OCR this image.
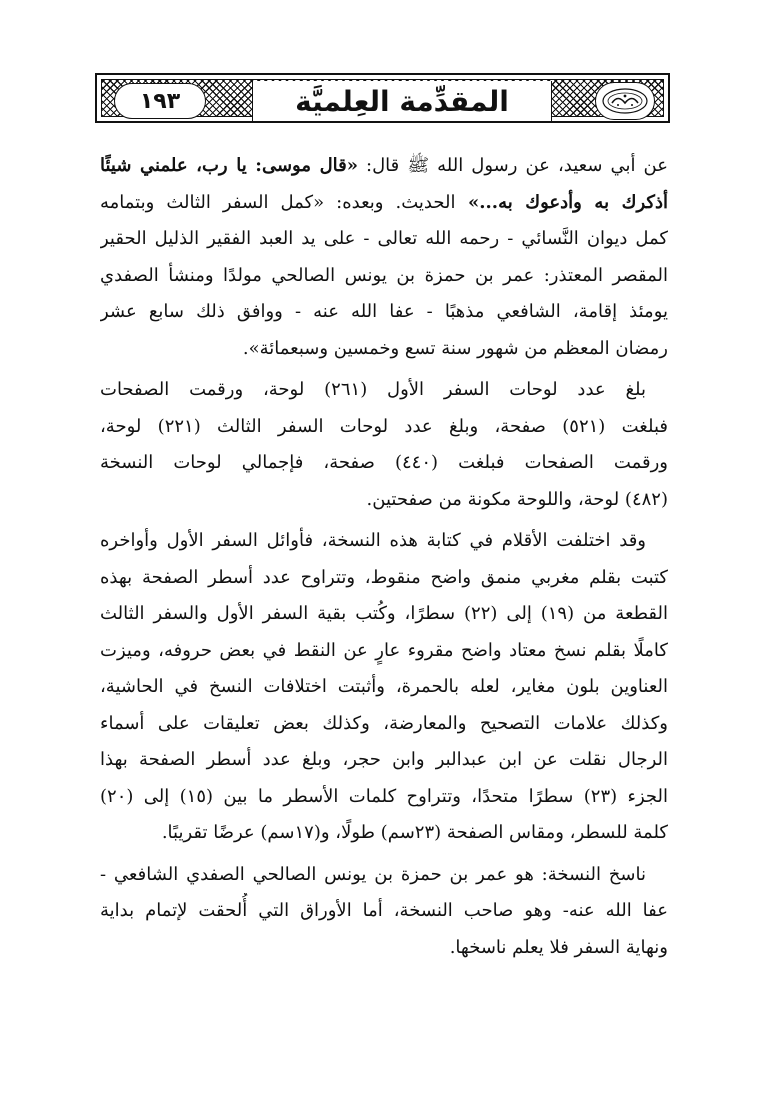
١٩٣	المقدِّمة العِلميَّة
عن أبي سعيد، عن رسول الله ﷺ قال: «قال موسى: يا رب، علمني شيئًا
أذكرك به وأدعوك به...» الحديث. وبعده: «كمل السفر الثالث وبتمامه
كمل ديوان النَّسائي - رحمه الله تعالى - على يد العبد الفقير الذليل الحقير
المقصر المعتذر: عمر بن حمزة بن يونس الصالحي مولدًا ومنشأ الصفدي
يومئذ إقامة، الشافعي مذهبًا - عفا الله عنه - ووافق ذلك سابع عشر
رمضان المعظم من شهور سنة تسع وخمسين وسبعمائة».
بلغ عدد لوحات السفر الأول (٢٦١) لوحة، ورقمت الصفحات
فبلغت (٥٢١) صفحة، وبلغ عدد لوحات السفر الثالث (٢٢١) لوحة،
ورقمت الصفحات فبلغت (٤٤٠) صفحة، فإجمالي لوحات النسخة
(٤٨٢) لوحة، واللوحة مكونة من صفحتين.
وقد اختلفت الأقلام في كتابة هذه النسخة، فأوائل السفر الأول وأواخره
كتبت بقلم مغربي منمق واضح منقوط، وتتراوح عدد أسطر الصفحة بهذه
القطعة من (١٩) إلى (٢٢) سطرًا، وكُتب بقية السفر الأول والسفر الثالث
كاملًا بقلم نسخ معتاد واضح مقروء عارٍ عن النقط في بعض حروفه، وميزت
العناوين بلون مغاير، لعله بالحمرة، وأثبتت اختلافات النسخ في الحاشية،
وكذلك علامات التصحيح والمعارضة، وكذلك بعض تعليقات على أسماء
الرجال نقلت عن ابن عبدالبر وابن حجر، وبلغ عدد أسطر الصفحة بهذا
الجزء (٢٣) سطرًا متحدًا، وتتراوح كلمات الأسطر ما بين (١٥) إلى (٢٠)
كلمة للسطر، ومقاس الصفحة (٢٣سم) طولًا، و(١٧سم) عرضًا تقريبًا.
ناسخ النسخة: هو عمر بن حمزة بن يونس الصالحي الصفدي الشافعي -
عفا الله عنه- وهو صاحب النسخة، أما الأوراق التي أُلحقت لإتمام بداية
ونهاية السفر فلا يعلم ناسخها.
